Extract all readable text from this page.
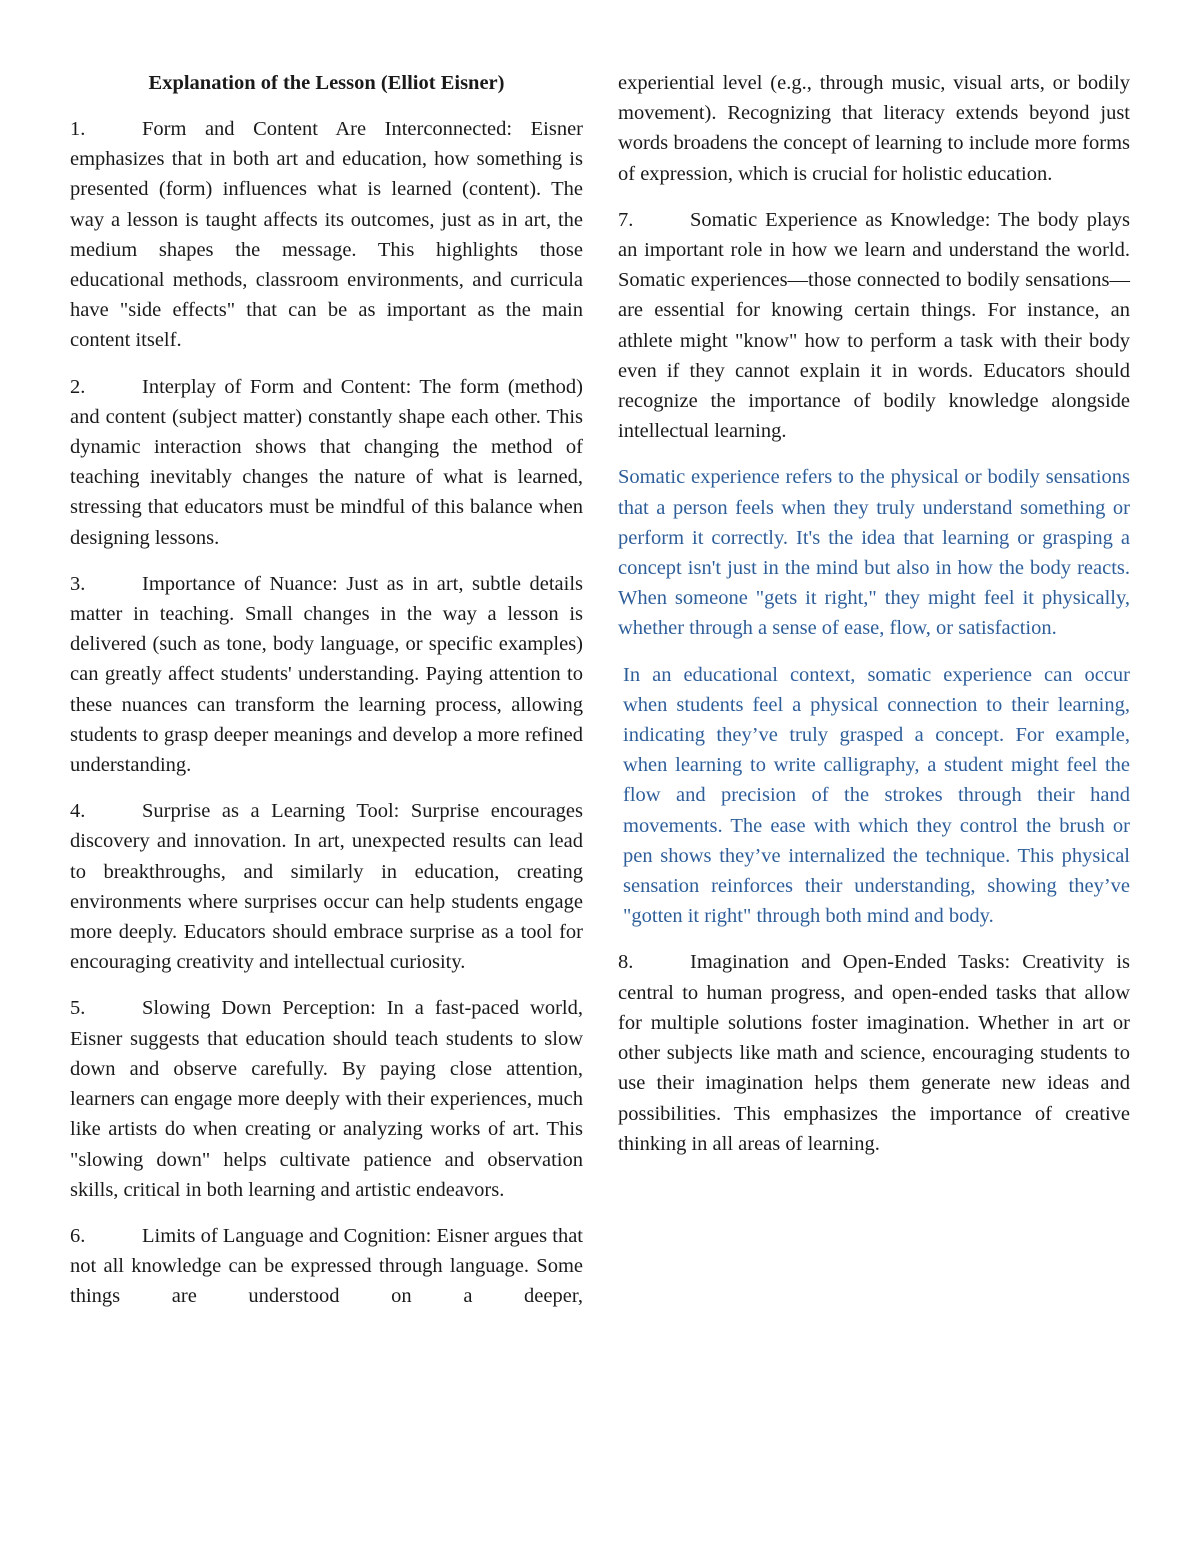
Explanation of the Lesson (Elliot Eisner)

1.	Form and Content Are Interconnected: Eisner emphasizes that in both art and education, how something is presented (form) influences what is learned (content). The way a lesson is taught affects its outcomes, just as in art, the medium shapes the message. This highlights those educational methods, classroom environments, and curricula have "side effects" that can be as important as the main content itself.

2.	Interplay of Form and Content: The form (method) and content (subject matter) constantly shape each other. This dynamic interaction shows that changing the method of teaching inevitably changes the nature of what is learned, stressing that educators must be mindful of this balance when designing lessons.

3.	Importance of Nuance: Just as in art, subtle details matter in teaching. Small changes in the way a lesson is delivered (such as tone, body language, or specific examples) can greatly affect students' understanding. Paying attention to these nuances can transform the learning process, allowing students to grasp deeper meanings and develop a more refined understanding.

4.	Surprise as a Learning Tool: Surprise encourages discovery and innovation. In art, unexpected results can lead to breakthroughs, and similarly in education, creating environments where surprises occur can help students engage more deeply. Educators should embrace surprise as a tool for encouraging creativity and intellectual curiosity.

5.	Slowing Down Perception: In a fast-paced world, Eisner suggests that education should teach students to slow down and observe carefully. By paying close attention, learners can engage more deeply with their experiences, much like artists do when creating or analyzing works of art. This "slowing down" helps cultivate patience and observation skills, critical in both learning and artistic endeavors.

6.	Limits of Language and Cognition: Eisner argues that not all knowledge can be expressed through language. Some things are understood on a deeper,

experiential level (e.g., through music, visual arts, or bodily movement). Recognizing that literacy extends beyond just words broadens the concept of learning to include more forms of expression, which is crucial for holistic education.

7.	Somatic Experience as Knowledge: The body plays an important role in how we learn and understand the world. Somatic experiences—those connected to bodily sensations—are essential for knowing certain things. For instance, an athlete might "know" how to perform a task with their body even if they cannot explain it in words. Educators should recognize the importance of bodily knowledge alongside intellectual learning.

Somatic experience refers to the physical or bodily sensations that a person feels when they truly understand something or perform it correctly. It's the idea that learning or grasping a concept isn't just in the mind but also in how the body reacts. When someone "gets it right," they might feel it physically, whether through a sense of ease, flow, or satisfaction.

In an educational context, somatic experience can occur when students feel a physical connection to their learning, indicating they’ve truly grasped a concept. For example, when learning to write calligraphy, a student might feel the flow and precision of the strokes through their hand movements. The ease with which they control the brush or pen shows they’ve internalized the technique. This physical sensation reinforces their understanding, showing they’ve "gotten it right" through both mind and body.

8.	Imagination and Open-Ended Tasks: Creativity is central to human progress, and open-ended tasks that allow for multiple solutions foster imagination. Whether in art or other subjects like math and science, encouraging students to use their imagination helps them generate new ideas and possibilities. This emphasizes the importance of creative thinking in all areas of learning.
